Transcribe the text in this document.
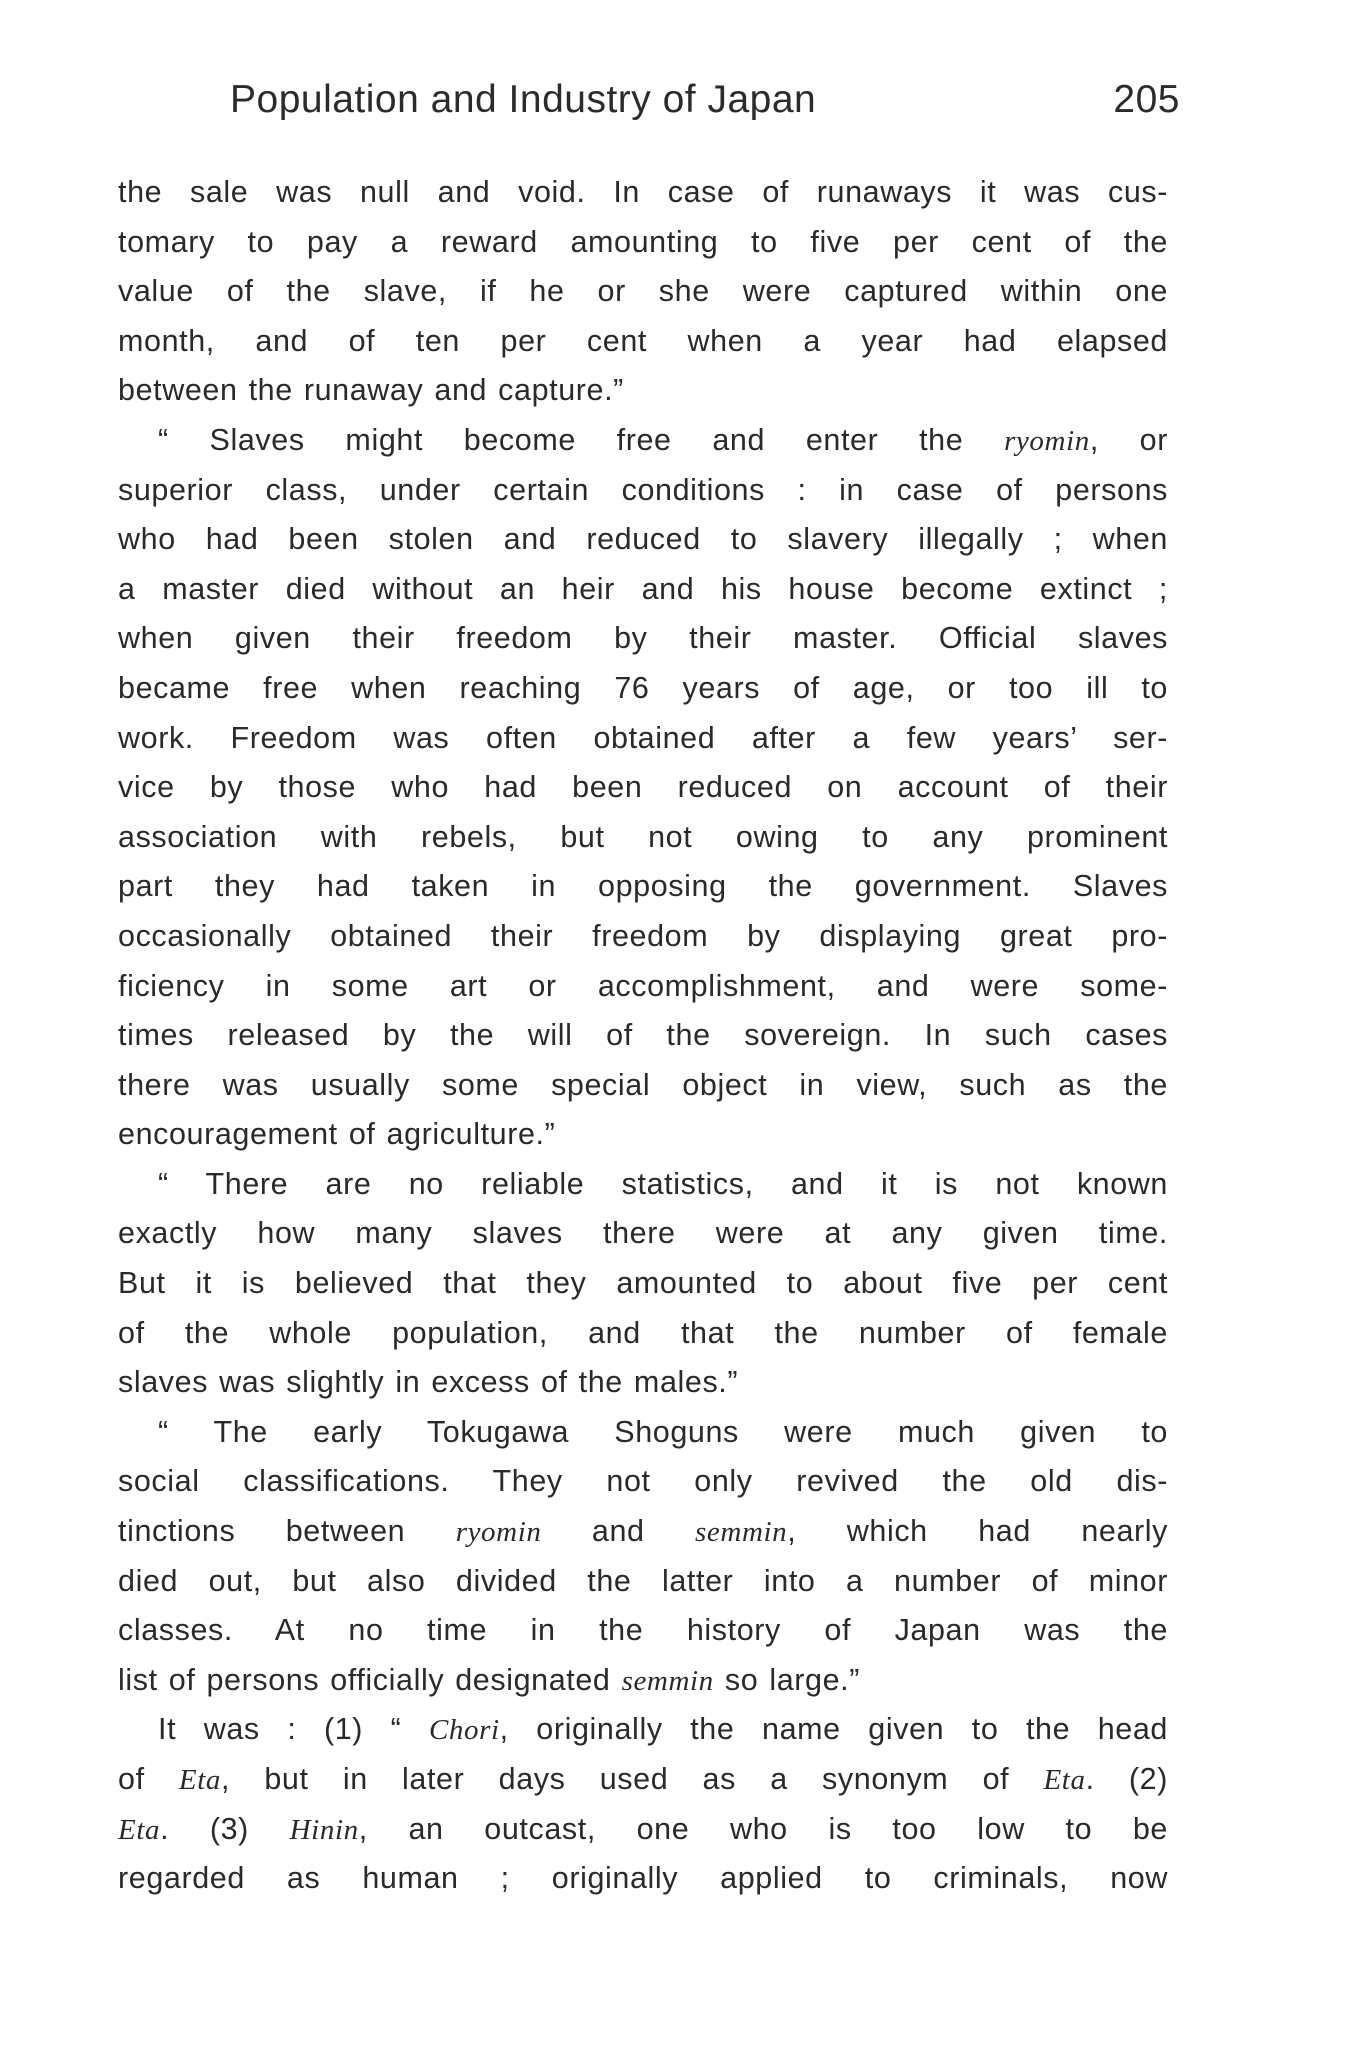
Population and Industry of Japan	205
the sale was null and void. In case of runaways it was cus-
tomary to pay a reward amounting to five per cent of the
value of the slave, if he or she were captured within one
month, and of ten per cent when a year had elapsed
between the runaway and capture.”
“ Slaves might become free and enter the ryomin, or
superior class, under certain conditions : in case of persons
who had been stolen and reduced to slavery illegally ; when
a master died without an heir and his house become extinct ;
when given their freedom by their master. Official slaves
became free when reaching 76 years of age, or too ill to
work. Freedom was often obtained after a few years’ ser-
vice by those who had been reduced on account of their
association with rebels, but not owing to any prominent
part they had taken in opposing the government. Slaves
occasionally obtained their freedom by displaying great pro-
ficiency in some art or accomplishment, and were some-
times released by the will of the sovereign. In such cases
there was usually some special object in view, such as the
encouragement of agriculture.”
“ There are no reliable statistics, and it is not known
exactly how many slaves there were at any given time.
But it is believed that they amounted to about five per cent
of the whole population, and that the number of female
slaves was slightly in excess of the males.”
“ The early Tokugawa Shoguns were much given to
social classifications. They not only revived the old dis-
tinctions between ryomin and semmin, which had nearly
died out, but also divided the latter into a number of minor
classes. At no time in the history of Japan was the
list of persons officially designated semmin so large.”
It was : (1) “ Chori, originally the name given to the head
of Eta, but in later days used as a synonym of Eta. (2)
Eta. (3) Hinin, an outcast, one who is too low to be
regarded as human ; originally applied to criminals, now
